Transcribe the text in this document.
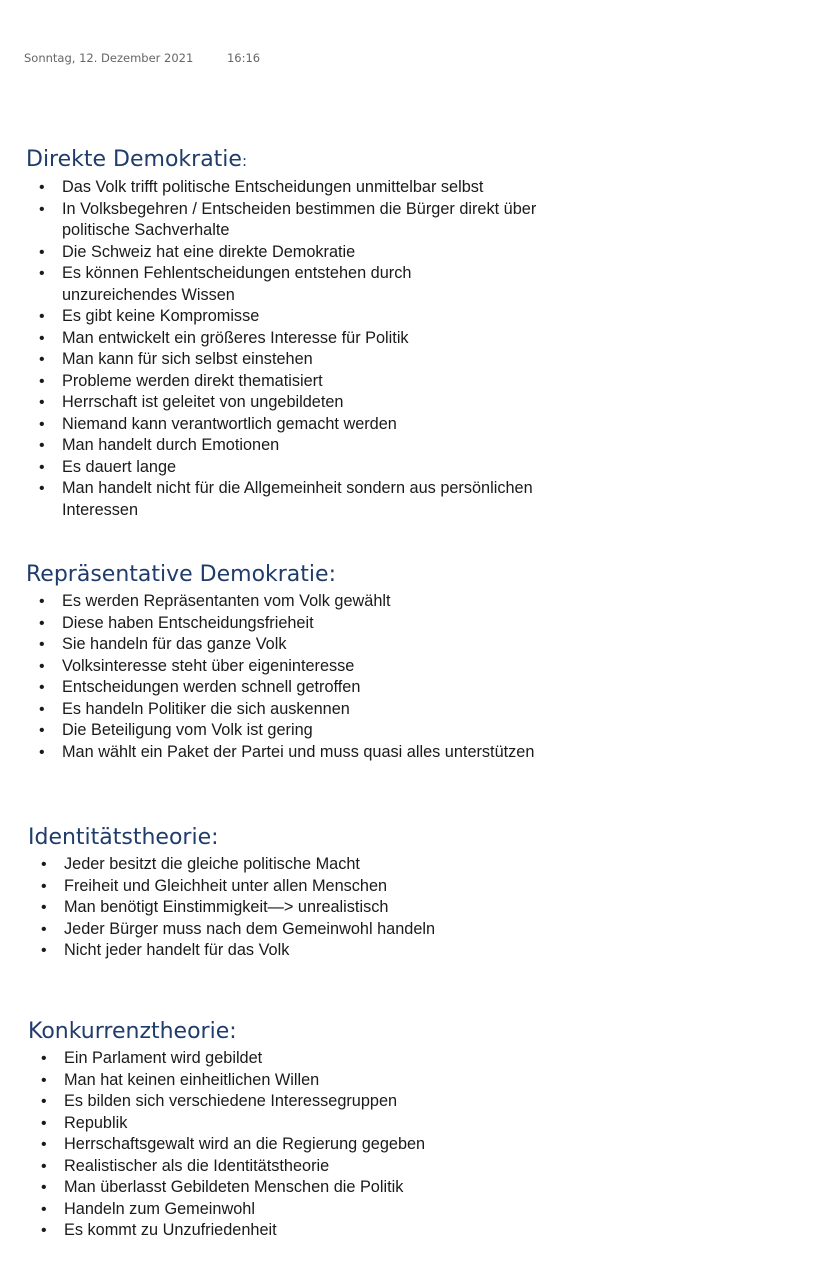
Sonntag, 12. Dezember 2021	16:16
Direkte Demokratie:
• Das Volk trifft politische Entscheidungen unmittelbar selbst
• In Volksbegehren / Entscheiden bestimmen die Bürger direkt über politische Sachverhalte
• Die Schweiz hat eine direkte Demokratie
• Es können Fehlentscheidungen entstehen durch unzureichendes Wissen
• Es gibt keine Kompromisse
• Man entwickelt ein größeres Interesse für Politik
• Man kann für sich selbst einstehen
• Probleme werden direkt thematisiert
• Herrschaft ist geleitet von ungebildeten
• Niemand kann verantwortlich gemacht werden
• Man handelt durch Emotionen
• Es dauert lange
• Man handelt nicht für die Allgemeinheit sondern aus persönlichen Interessen
Repräsentative Demokratie:
• Es werden Repräsentanten vom Volk gewählt
• Diese haben Entscheidungsfrieheit
• Sie handeln für das ganze Volk
• Volksinteresse steht über eigeninteresse
• Entscheidungen werden schnell getroffen
• Es handeln Politiker die sich auskennen
• Die Beteiligung vom Volk ist gering
• Man wählt ein Paket der Partei und muss quasi alles unterstützen
Identitätstheorie:
• Jeder besitzt die gleiche politische Macht
• Freiheit und Gleichheit unter allen Menschen
• Man benötigt Einstimmigkeit—> unrealistisch
• Jeder Bürger muss nach dem Gemeinwohl handeln
• Nicht jeder handelt für das Volk
Konkurrenztheorie:
• Ein Parlament wird gebildet
• Man hat keinen einheitlichen Willen
• Es bilden sich verschiedene Interessegruppen
• Republik
• Herrschaftsgewalt wird an die Regierung gegeben
• Realistischer als die Identitätstheorie
• Man überlasst Gebildeten Menschen die Politik
• Handeln zum Gemeinwohl
• Es kommt zu Unzufriedenheit
